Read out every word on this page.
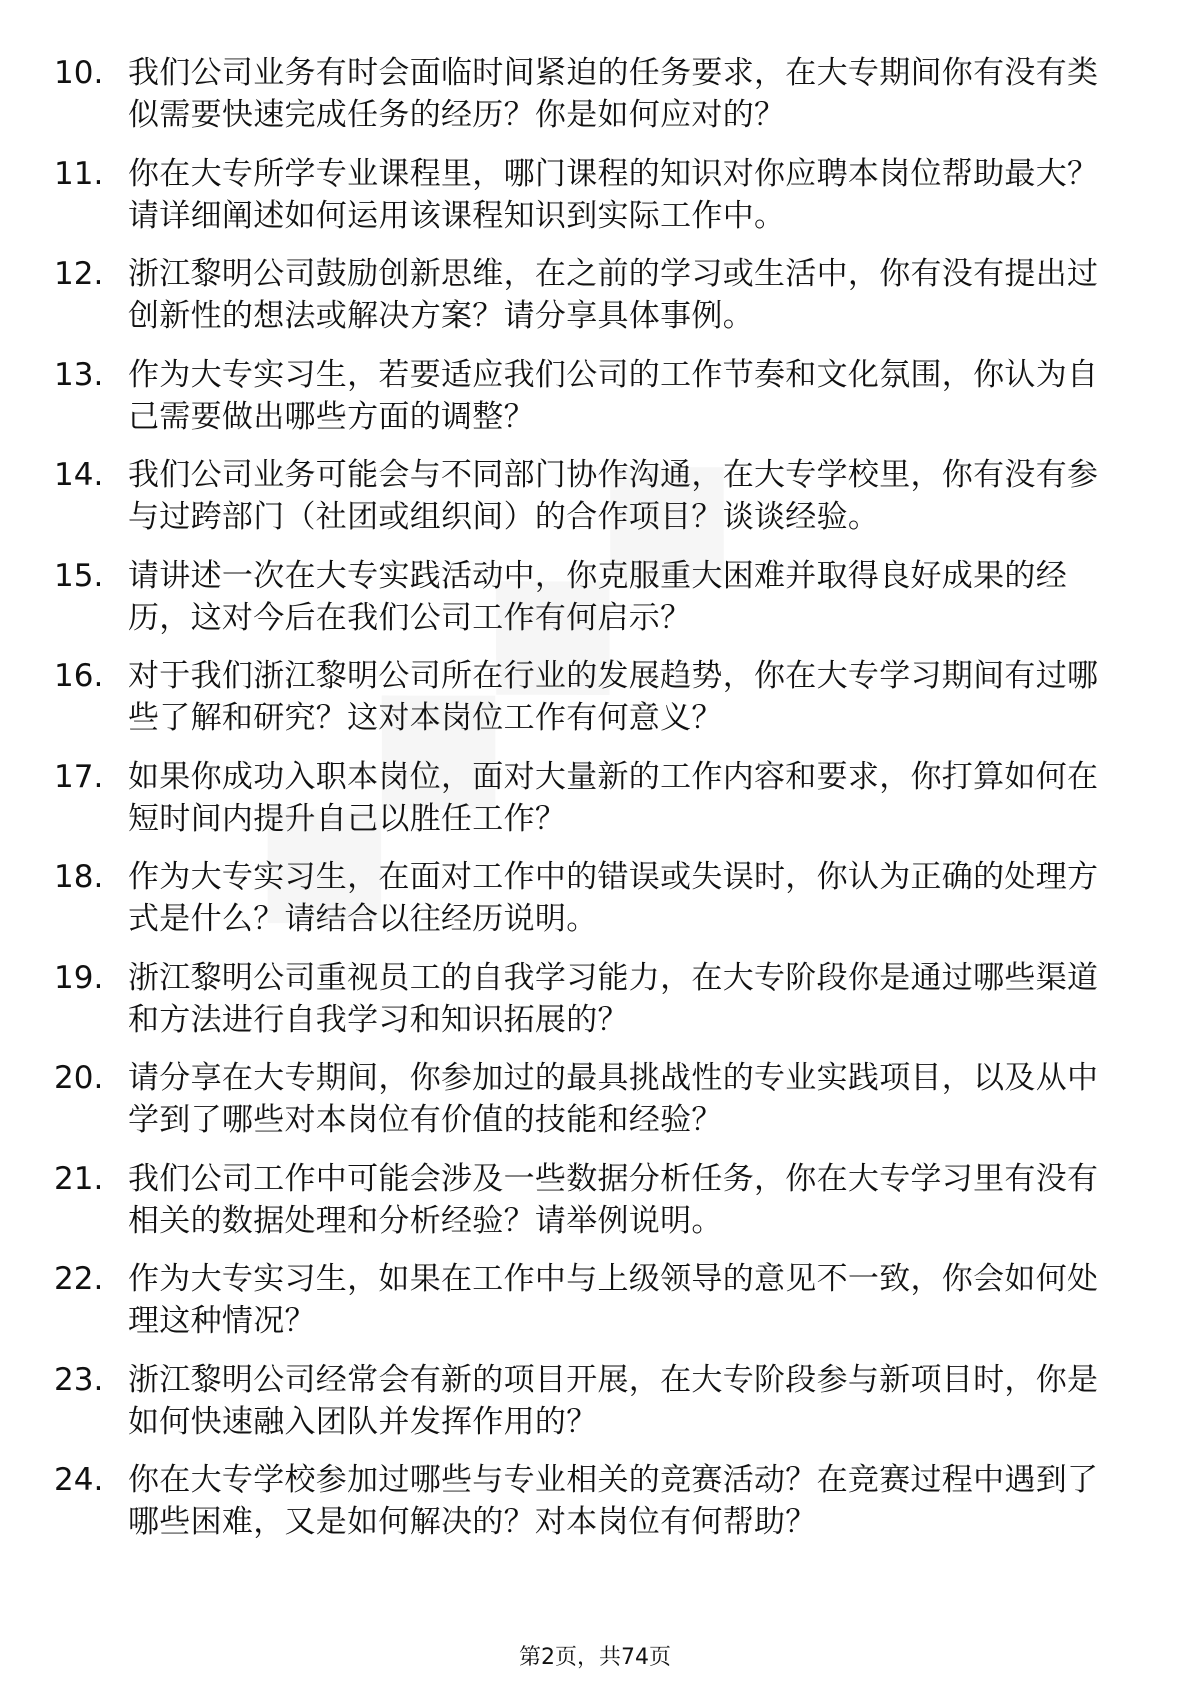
10. 我们公司业务有时会面临时间紧迫的任务要求，在大专期间你有没有类似需要快速完成任务的经历？你是如何应对的？
11. 你在大专所学专业课程里，哪门课程的知识对你应聘本岗位帮助最大？请详细阐述如何运用该课程知识到实际工作中。
12. 浙江黎明公司鼓励创新思维，在之前的学习或生活中，你有没有提出过创新性的想法或解决方案？请分享具体事例。
13. 作为大专实习生，若要适应我们公司的工作节奏和文化氛围，你认为自己需要做出哪些方面的调整？
14. 我们公司业务可能会与不同部门协作沟通，在大专学校里，你有没有参与过跨部门（社团或组织间）的合作项目？谈谈经验。
15. 请讲述一次在大专实践活动中，你克服重大困难并取得良好成果的经历，这对今后在我们公司工作有何启示？
16. 对于我们浙江黎明公司所在行业的发展趋势，你在大专学习期间有过哪些了解和研究？这对本岗位工作有何意义？
17. 如果你成功入职本岗位，面对大量新的工作内容和要求，你打算如何在短时间内提升自己以胜任工作？
18. 作为大专实习生，在面对工作中的错误或失误时，你认为正确的处理方式是什么？请结合以往经历说明。
19. 浙江黎明公司重视员工的自我学习能力，在大专阶段你是通过哪些渠道和方法进行自我学习和知识拓展的？
20. 请分享在大专期间，你参加过的最具挑战性的专业实践项目，以及从中学到了哪些对本岗位有价值的技能和经验？
21. 我们公司工作中可能会涉及一些数据分析任务，你在大专学习里有没有相关的数据处理和分析经验？请举例说明。
22. 作为大专实习生，如果在工作中与上级领导的意见不一致，你会如何处理这种情况？
23. 浙江黎明公司经常会有新的项目开展，在大专阶段参与新项目时，你是如何快速融入团队并发挥作用的？
24. 你在大专学校参加过哪些与专业相关的竞赛活动？在竞赛过程中遇到了哪些困难，又是如何解决的？对本岗位有何帮助？
第2页，共74页
